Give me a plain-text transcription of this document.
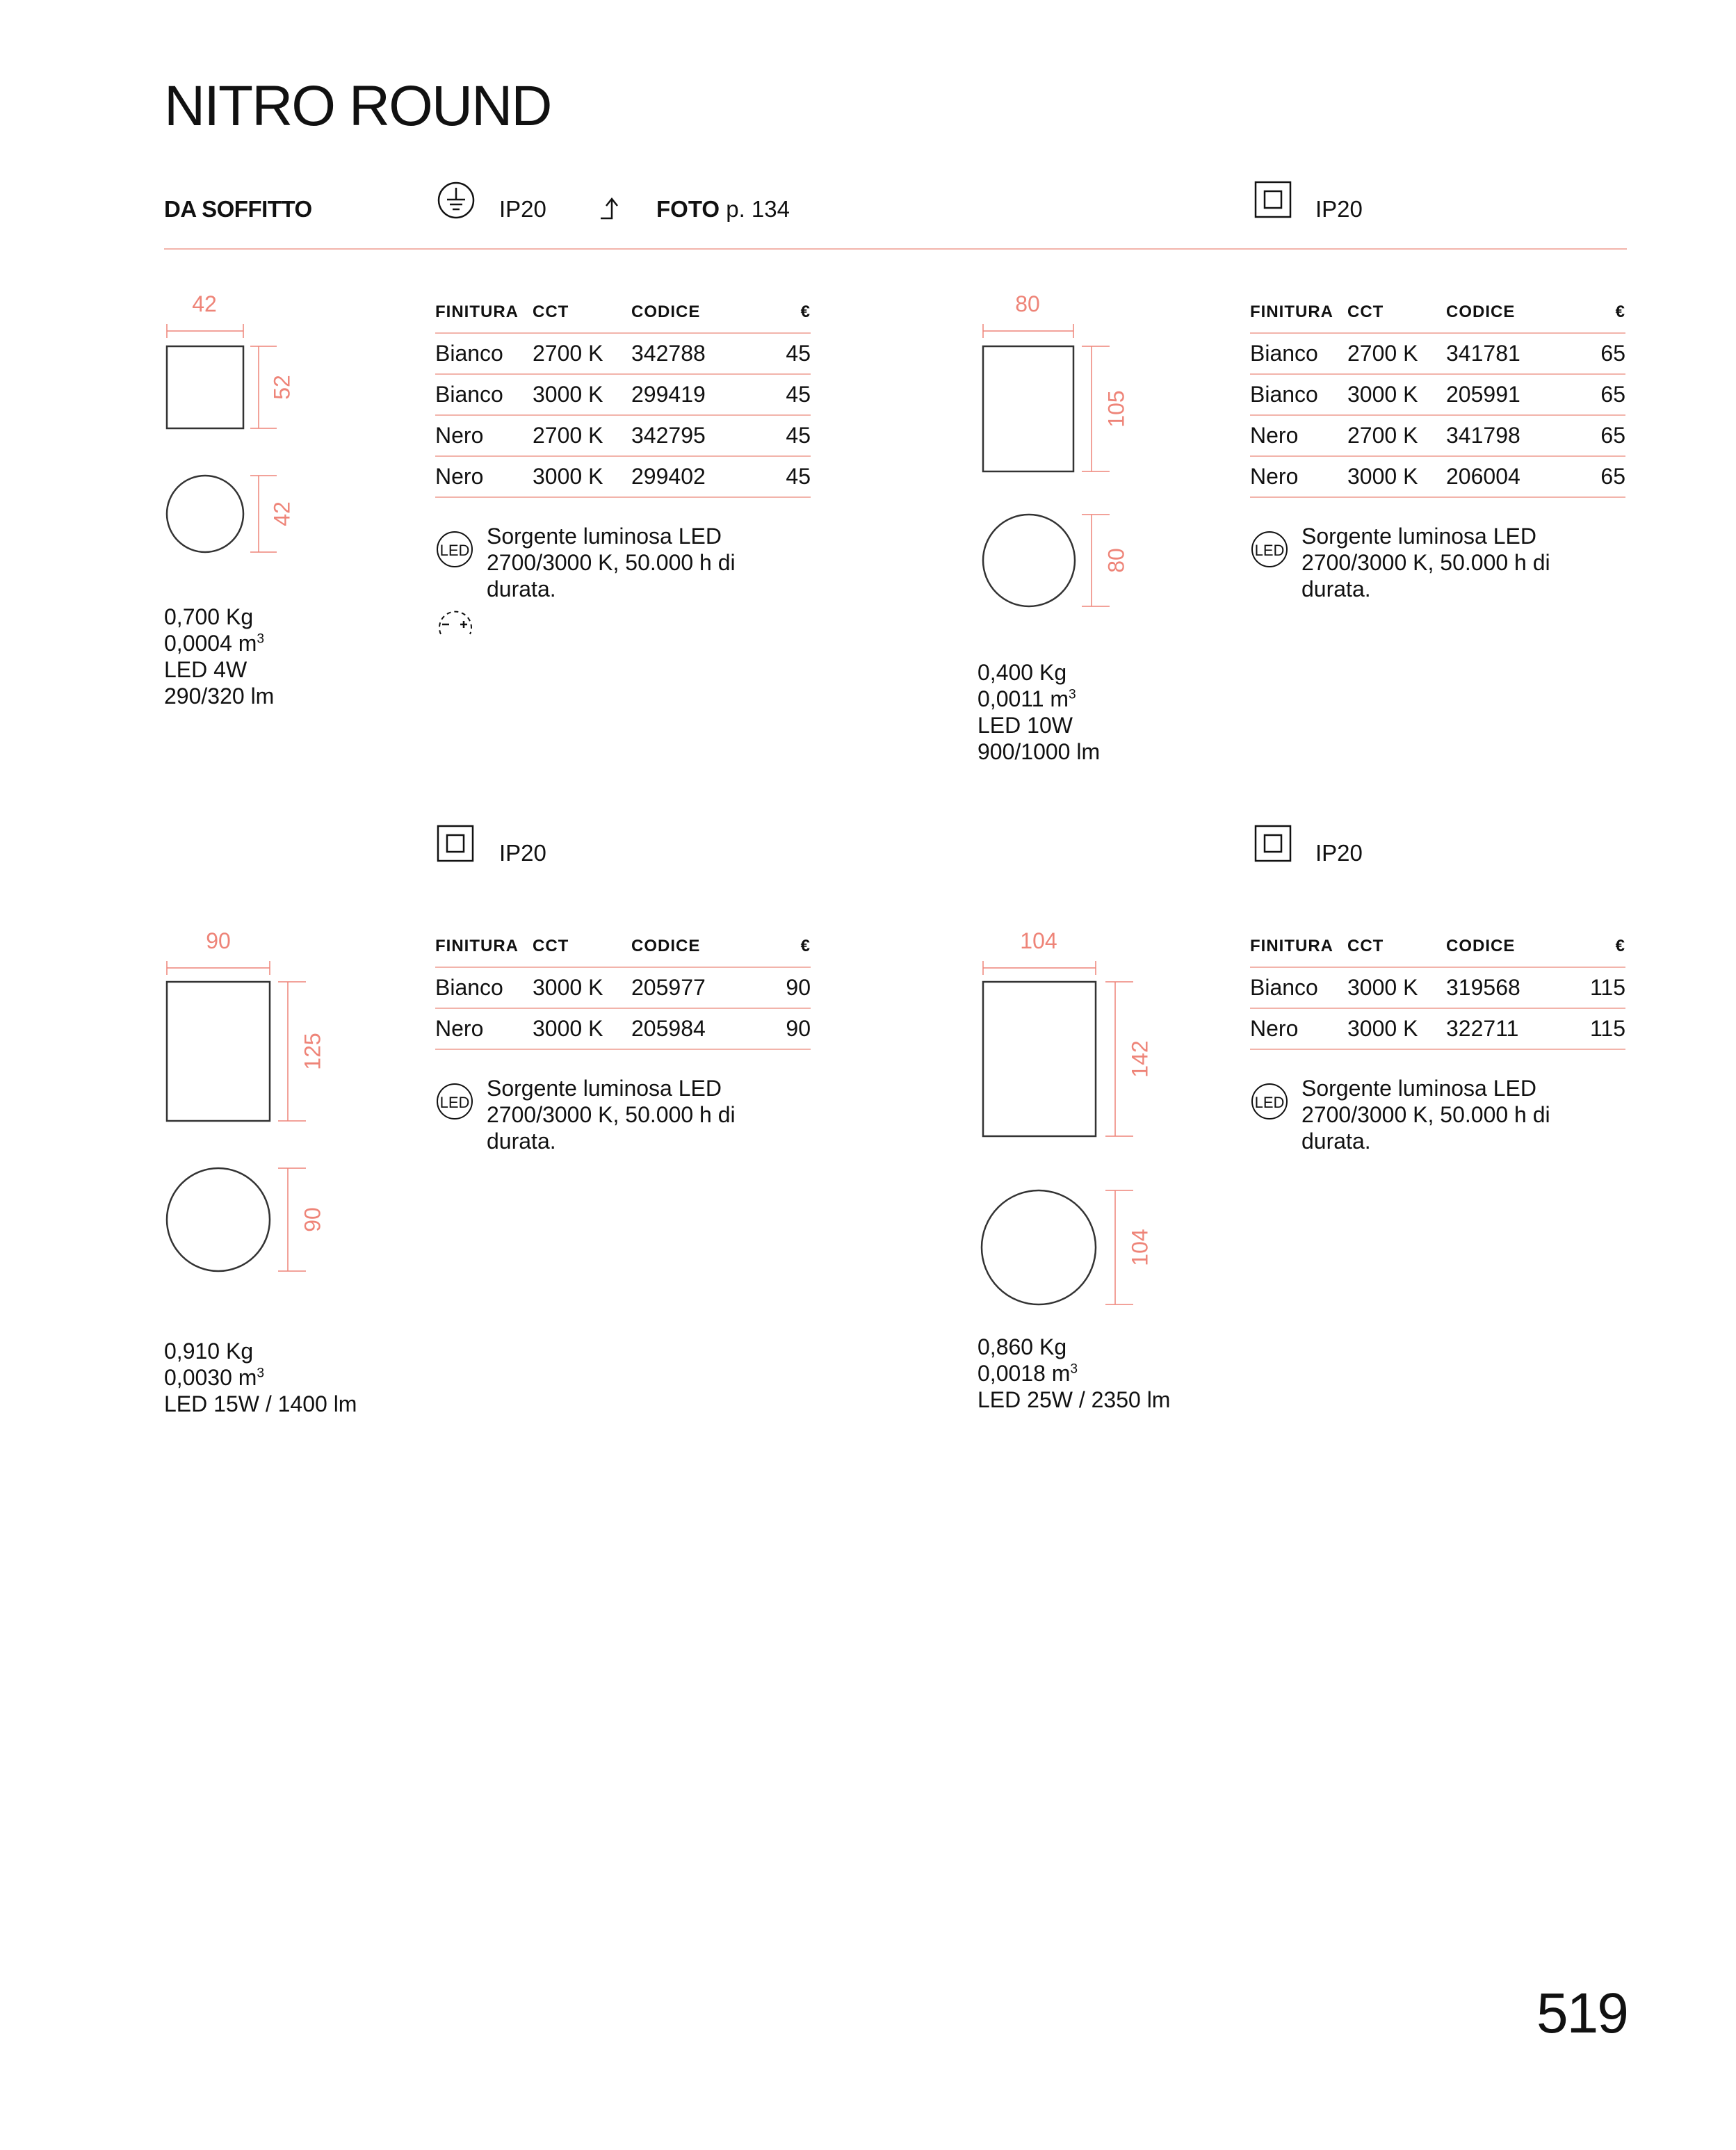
NITRO ROUND
DA SOFFITTO	IP20	FOTO p. 134	IP20
42
52
42
0,700 Kg
0,0004 $m^3$
LED 4W
290/320 lm
FINITURA	CCT	CODICE	€
Bianco	2700 K	342788	45
Bianco	3000 K	299419	45
Nero	2700 K	342795	45
Nero	3000 K	299402	45
LED
Sorgente luminosa LED 2700/3000 K, 50.000 h di durata.
80
105
80
0,400 Kg
0,0011 $m^3$
LED 10W
900/1000 lm
FINITURA	CCT	CODICE	€
Bianco	2700 K	341781	65
Bianco	3000 K	205991	65
Nero	2700 K	341798	65
Nero	3000 K	206004	65
LED
Sorgente luminosa LED 2700/3000 K, 50.000 h di durata.
IP20	IP20
90
125
90
0,910 Kg
0,0030 $m^3$
LED 15W / 1400 lm
FINITURA	CCT	CODICE	€
Bianco	3000 K	205977	90
Nero	3000 K	205984	90
LED
Sorgente luminosa LED 2700/3000 K, 50.000 h di durata.
104
142
104
0,860 Kg
0,0018 $m^3$
LED 25W / 2350 lm
FINITURA	CCT	CODICE	€
Bianco	3000 K	319568	115
Nero	3000 K	322711	115
LED
Sorgente luminosa LED 2700/3000 K, 50.000 h di durata.
519
